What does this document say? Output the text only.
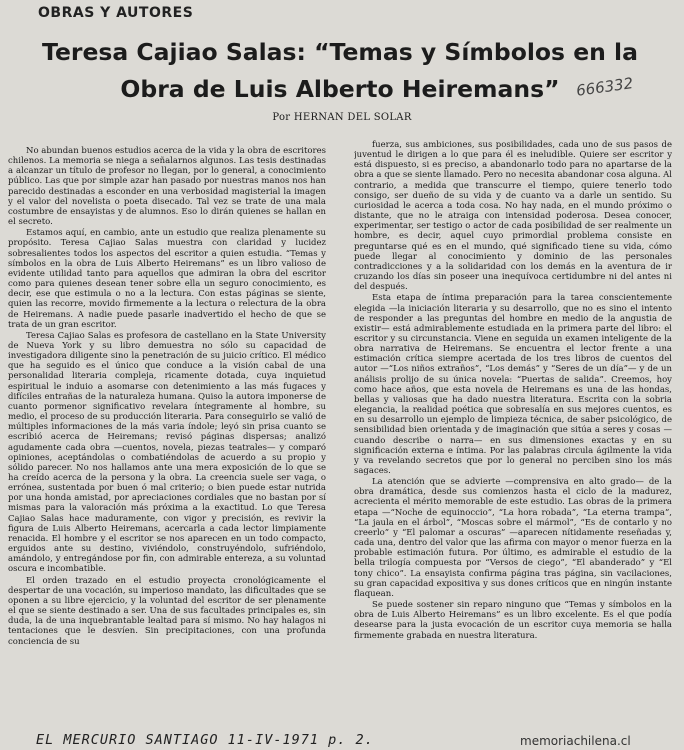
OBRAS Y AUTORES
Teresa Cajiao Salas: “Temas y Símbolos en la
Obra de Luis Alberto Heiremans”	666332
Por HERNAN DEL SOLAR

No abundan buenos estudios acerca de la vida y la obra de escritores chilenos. La memoria se niega a señalarnos algunos. Las tesis destinadas a alcanzar un título de profesor no llegan, por lo general, a conocimiento público. Las que por simple azar han pasado por nuestras manos nos han parecido destinadas a esconder en una verbosidad magisterial la imagen y el valor del novelista o poeta disecado. Tal vez se trate de una mala costumbre de ensayistas y de alumnos. Eso lo dirán quienes se hallan en el secreto.

Estamos aquí, en cambio, ante un estudio que realiza plenamente su propósito. Teresa Cajiao Salas muestra con claridad y lucidez sobresalientes todos los aspectos del escritor a quien estudia. “Temas y símbolos en la obra de Luis Alberto Heiremans” es un libro valioso de evidente utilidad tanto para aquellos que admiran la obra del escritor como para quienes desean tener sobre ella un seguro conocimiento, es decir, ese que estimula o no a la lectura. Con estas páginas se siente, quien las recorre, movido firmemente a la lectura o relectura de la obra de Heiremans. A nadie puede pasarle inadvertido el hecho de que se trata de un gran escritor.

Teresa Cajiao Salas es profesora de castellano en la State University de Nueva York y su libro demuestra no sólo su capacidad de investigadora diligente sino la penetración de su juicio crítico. El médico que ha seguido es el único que conduce a la visión cabal de una personalidad literaria compleja, ricamente dotada, cuya inquietud espiritual le induio a asomarse con detenimiento a las más fugaces y difíciles entrañas de la naturaleza humana. Quiso la autora imponerse de cuanto pormenor significativo revelara íntegramente al hombre, su medio, el proceso de su producción literaria. Para conseguirlo se valió de múltiples informaciones de la más varia índole; leyó sin prisa cuanto se escribió acerca de Heiremans; revisó páginas dispersas; analizó agudamente cada obra —cuentos, novela, piezas teatrales— y comparó opiniones, aceptándolas o combatiéndolas de acuerdo a su propio y sólido parecer. No nos hallamos ante una mera exposición de lo que se ha creído acerca de la persona y la obra. La creencia suele ser vaga, o errónea, sustentada por buen ó mal criterio; o bien puede estar nutrida por una honda amistad, por apreciaciones cordiales que no bastan por sí mismas para la valoración más próxima a la exactitud. Lo que Teresa Cajiao Salas hace maduramente, con vigor y precisión, es revivir la figura de Luis Alberto Heiremans, acercarla a cada lector limpiamente renacida. El hombre y el escritor se nos aparecen en un todo compacto, erguidos ante su destino, viviéndolo, construyéndolo, sufriéndolo, amándolo, y entregándose por fin, con admirable entereza, a su voluntad oscura e incombatible.

El orden trazado en el estudio proyecta cronológicamente el despertar de una vocación, su imperioso mandato, las dificultades que se oponen a su libre ejercicio, y la voluntad del escritor de ser plenamente el que se siente destinado a ser. Una de sus facultades principales es, sin duda, la de una inquebrantable lealtad para sí mismo. No hay halagos ni tentaciones que le desvíen. Sin precipitaciones, con una profunda conciencia de su

fuerza, sus ambiciones, sus posibilidades, cada uno de sus pasos de juventud le dirigen a lo que para él es ineludible. Quiere ser escritor y está dispuesto, si es preciso, a abandonarlo todo para no apartarse de la obra a que se siente llamado. Pero no necesita abandonar cosa alguna. Al contrario, a medida que transcurre el tiempo, quiere tenerlo todo consigo, ser dueño de su vida y de cuanto va a darle un sentido. Su curiosidad le acerca a toda cosa. No hay nada, en el mundo próximo o distante, que no le atraiga con intensidad poderosa. Desea conocer, experimentar, ser testigo o actor de cada posibilidad de ser realmente un hombre, es decir, aquel cuyo primordial problema consiste en preguntarse qué es en el mundo, qué significado tiene su vida, cómo puede llegar al conocimiento y dominio de las personales contradicciones y a la solidaridad con los demás en la aventura de ir cruzando los días sin poseer una inequívoca certidumbre ni del antes ni del después.

Esta etapa de íntima preparación para la tarea conscientemente elegida —la iniciación literaria y su desarrollo, que no es sino el intento de responder a las preguntas del hombre en medio de la angustia de existir— está admirablemente estudiada en la primera parte del libro: el escritor y su circunstancia. Viene en seguida un examen inteligente de la obra narrativa de Heiremans. Se encuentra el lector frente a una estimación crítica siempre acertada de los tres libros de cuentos del autor —“Los niños extraños”, “Los demás” y “Seres de un día”— y de un análisis prolijo de su única novela: “Puertas de salida”. Creemos, hoy como hace años, que esta novela de Heiremans es una de las hondas, bellas y valiosas que ha dado nuestra literatura. Escrita con la sobria elegancia, la realidad poética que sobresalía en sus mejores cuentos, es en su desarrollo un ejemplo de limpieza técnica, de saber psicológico, de sensibilidad bien orientada y de imaginación que sitúa a seres y cosas —cuando describe o narra— en sus dimensiones exactas y en su significación externa e íntima. Por las palabras circula ágilmente la vida y va revelando secretos que por lo general no perciben sino los más sagaces.

La atención que se advierte —comprensiva en alto grado— de la obra dramática, desde sus comienzos hasta el ciclo de la madurez, acrecienta el mérito memorable de este estudio. Las obras de la primera etapa —“Noche de equinoccio”, “La hora robada”, “La eterna trampa”, “La jaula en el árbol”, “Moscas sobre el mármol”, “Es de contarlo y no creerlo” y “El palomar a oscuras” —aparecen nítidamente reseñadas y, cada una, dentro del valor que las afirma con mayor o menor fuerza en la probable estimación futura. Por último, es admirable el estudio de la bella trilogía compuesta por “Versos de ciego”, “El abanderado” y “El tony chico”. La ensayista confirma página tras página, sin vacilaciones, su gran capacidad expositiva y sus dones críticos que en ningún instante flaquean.

Se puede sostener sin reparo ninguno que “Temas y símbolos en la obra de Luis Alberto Heiremans” es un libro excelente. Es el que podía desearse para la justa evocación de un escritor cuya memoria se halla firmemente grabada en nuestra literatura.

EL MERCURIO SANTIAGO 11-IV-1971 p. 2.	memoriachilena.cl
